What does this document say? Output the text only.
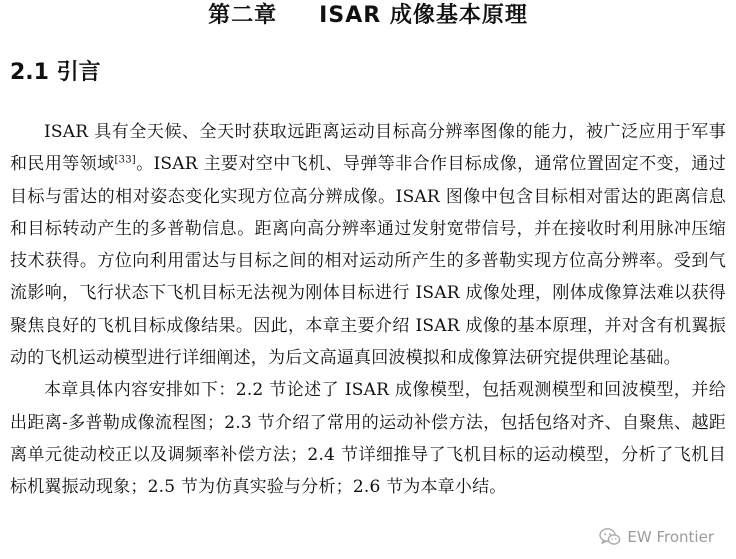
第二章 ISAR 成像基本原理
2.1 引言

ISAR 具有全天候、全天时获取远距离运动目标高分辨率图像的能力，被广泛应用于军事和民用等领域[33]。ISAR 主要对空中飞机、导弹等非合作目标成像，通常位置固定不变，通过目标与雷达的相对姿态变化实现方位高分辨成像。ISAR 图像中包含目标相对雷达的距离信息和目标转动产生的多普勒信息。距离向高分辨率通过发射宽带信号，并在接收时利用脉冲压缩技术获得。方位向利用雷达与目标之间的相对运动所产生的多普勒实现方位高分辨率。受到气流影响，飞行状态下飞机目标无法视为刚体目标进行 ISAR 成像处理，刚体成像算法难以获得聚焦良好的飞机目标成像结果。因此，本章主要介绍 ISAR 成像的基本原理，并对含有机翼振动的飞机运动模型进行详细阐述，为后文高逼真回波模拟和成像算法研究提供理论基础。

本章具体内容安排如下：2.2 节论述了 ISAR 成像模型，包括观测模型和回波模型，并给出距离-多普勒成像流程图；2.3 节介绍了常用的运动补偿方法，包括包络对齐、自聚焦、越距离单元徙动校正以及调频率补偿方法；2.4 节详细推导了飞机目标的运动模型，分析了飞机目标机翼振动现象；2.5 节为仿真实验与分析；2.6 节为本章小结。

EW Frontier
